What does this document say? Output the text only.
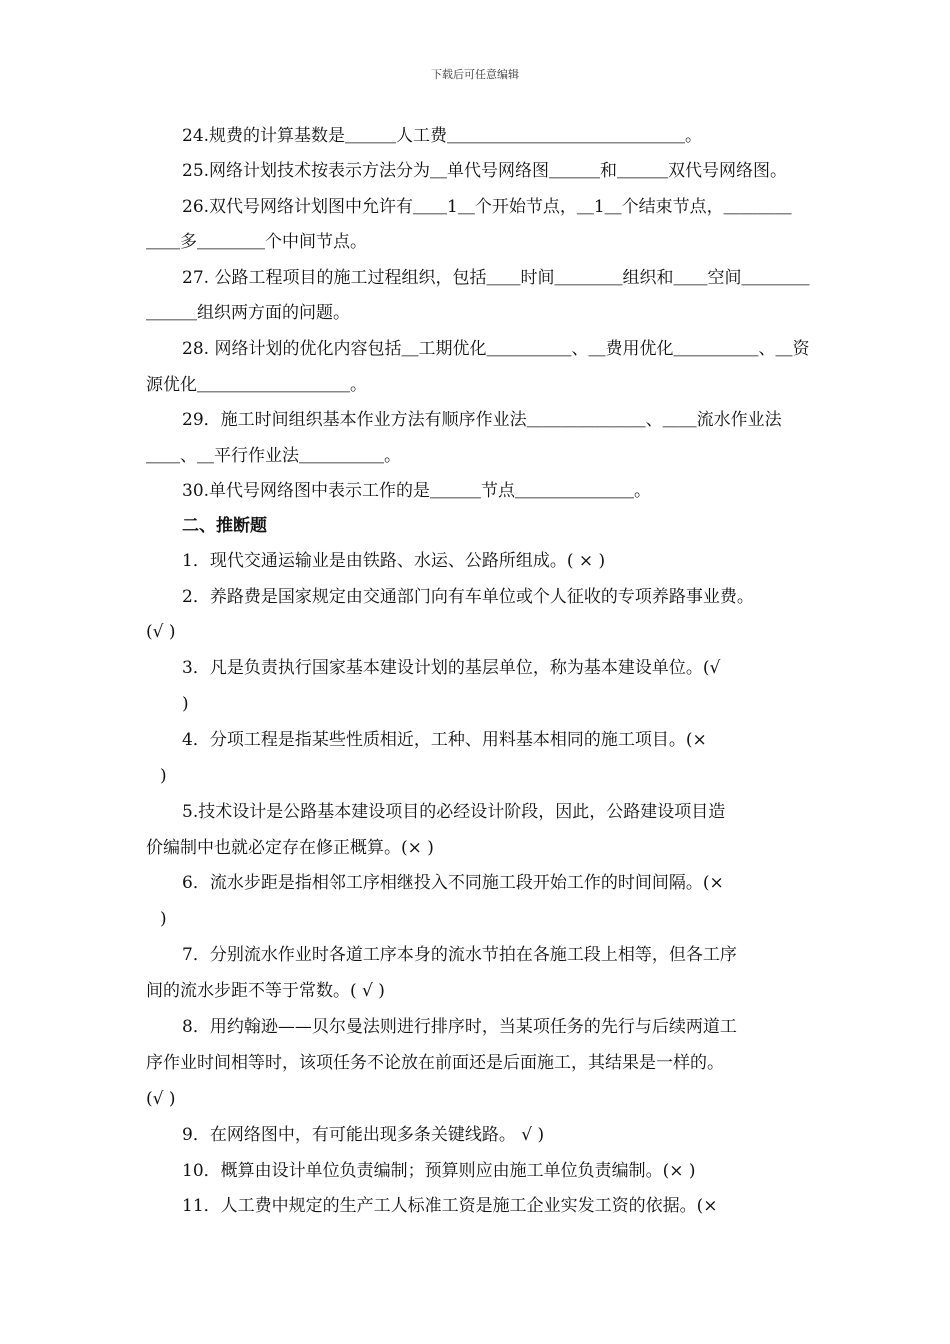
下载后可任意编辑
24.规费的计算基数是＿＿＿人工费＿＿＿＿＿＿＿＿＿＿＿＿＿＿。
25.网络计划技术按表示方法分为＿单代号网络图＿＿＿和＿＿＿双代号网络图。
26.双代号网络计划图中允许有＿＿1＿个开始节点，＿1＿个结束节点，＿＿＿＿
＿＿多＿＿＿＿个中间节点。
27. 公路工程项目的施工过程组织，包括＿＿时间＿＿＿＿组织和＿＿空间＿＿＿＿
＿＿＿组织两方面的问题。
28. 网络计划的优化内容包括＿工期优化＿＿＿＿＿、＿费用优化＿＿＿＿＿、＿资
源优化＿＿＿＿＿＿＿＿＿。
29．施工时间组织基本作业方法有顺序作业法＿＿＿＿＿＿＿、＿＿流水作业法
＿＿、＿平行作业法＿＿＿＿＿。
30.单代号网络图中表示工作的是＿＿＿节点＿＿＿＿＿＿＿。
二、推断题
1．现代交通运输业是由铁路、水运、公路所组成。( × )
2．养路费是国家规定由交通部门向有车单位或个人征收的专项养路事业费。
(√ )
3．凡是负责执行国家基本建设计划的基层单位，称为基本建设单位。(√
)
4．分项工程是指某些性质相近，工种、用料基本相同的施工项目。(×
)
5.技术设计是公路基本建设项目的必经设计阶段，因此，公路建设项目造
价编制中也就必定存在修正概算。(× )
6．流水步距是指相邻工序相继投入不同施工段开始工作的时间间隔。(×
)
7．分别流水作业时各道工序本身的流水节拍在各施工段上相等，但各工序
间的流水步距不等于常数。( √ )
8．用约翰逊——贝尔曼法则进行排序时，当某项任务的先行与后续两道工
序作业时间相等时，该项任务不论放在前面还是后面施工，其结果是一样的。
(√ )
9．在网络图中，有可能出现多条关键线路。 √ )
10．概算由设计单位负责编制；预算则应由施工单位负责编制。(× )
11．人工费中规定的生产工人标准工资是施工企业实发工资的依据。(×
